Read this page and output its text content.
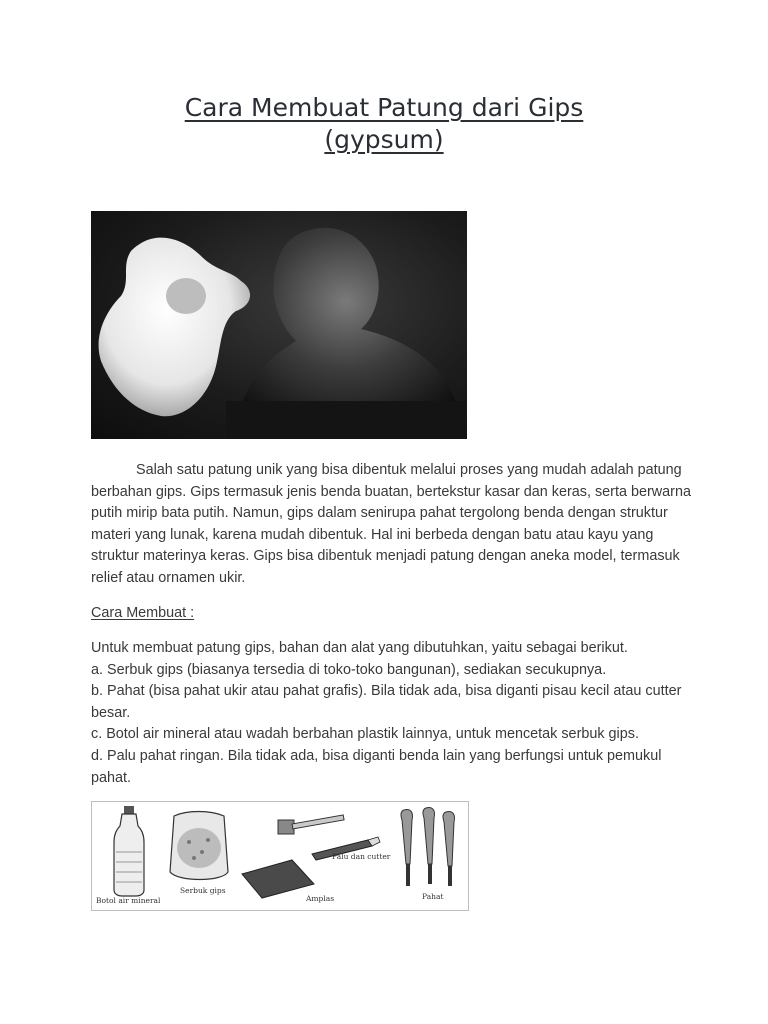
Cara Membuat Patung dari Gips
(gypsum)

Salah satu patung unik yang bisa dibentuk melalui proses yang mudah adalah patung berbahan gips. Gips termasuk jenis benda buatan, bertekstur kasar dan keras, serta berwarna putih mirip bata putih. Namun, gips dalam senirupa pahat tergolong benda dengan struktur materi yang lunak, karena mudah dibentuk. Hal ini berbeda dengan batu atau kayu yang struktur materinya keras. Gips bisa dibentuk menjadi patung dengan aneka model, termasuk relief atau ornamen ukir.

Cara Membuat :

Untuk membuat patung gips, bahan dan alat yang dibutuhkan, yaitu sebagai berikut.
a. Serbuk gips (biasanya tersedia di toko-toko bangunan), sediakan secukupnya.
b. Pahat (bisa pahat ukir atau pahat grafis). Bila tidak ada, bisa diganti pisau kecil atau cutter besar.
c. Botol air mineral atau wadah berbahan plastik lainnya, untuk mencetak serbuk gips.
d. Palu pahat ringan. Bila tidak ada, bisa diganti benda lain yang berfungsi untuk pemukul pahat.
Botol air mineral
Serbuk gips
Palu dan cutter
Amplas	Pahat
